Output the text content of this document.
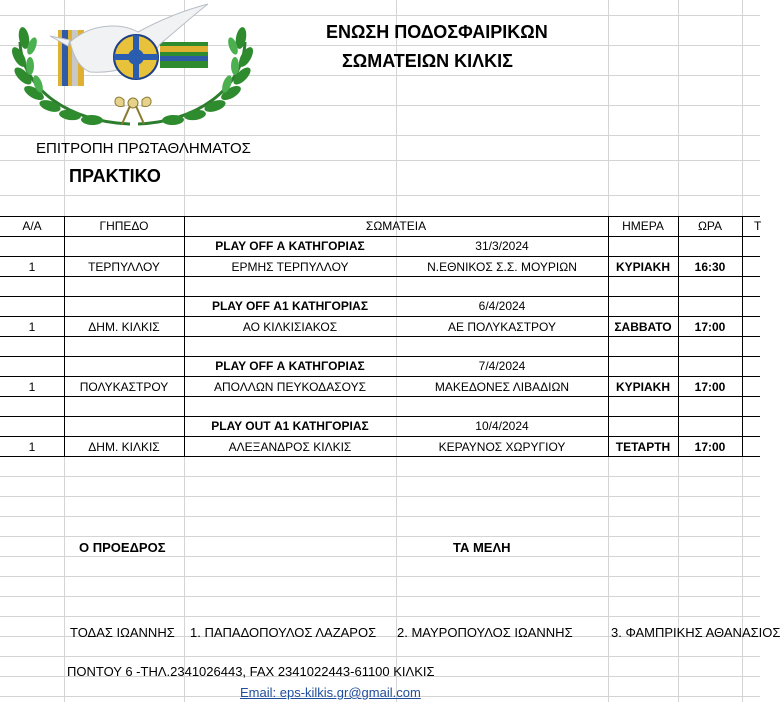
ΕΝΩΣΗ ΠΟΔΟΣΦΑΙΡΙΚΩΝ
ΣΩΜΑΤΕΙΩΝ ΚΙΛΚΙΣ
ΕΠΙΤΡΟΠΗ ΠΡΩΤΑΘΛΗΜΑΤΟΣ
ΠΡΑΚΤΙΚΟ
Α/Α	ΓΗΠΕΔΟ	ΣΩΜΑΤΕΙΑ	ΗΜΕΡΑ	ΩΡΑ	Τ
PLAY OFF Α ΚΑΤΗΓΟΡΙΑΣ	31/3/2024
1	ΤΕΡΠΥΛΛΟΥ	ΕΡΜΗΣ ΤΕΡΠΥΛΛΟΥ	Ν.ΕΘΝΙΚΟΣ Σ.Σ. ΜΟΥΡΙΩΝ	ΚΥΡΙΑΚΗ	16:30
PLAY OFF Α1 ΚΑΤΗΓΟΡΙΑΣ	6/4/2024
1	ΔΗΜ. ΚΙΛΚΙΣ	ΑΟ ΚΙΛΚΙΣΙΑΚΟΣ	ΑΕ ΠΟΛΥΚΑΣΤΡΟΥ	ΣΑΒΒΑΤΟ	17:00
PLAY OFF Α ΚΑΤΗΓΟΡΙΑΣ	7/4/2024
1	ΠΟΛΥΚΑΣΤΡΟΥ	ΑΠΟΛΛΩΝ ΠΕΥΚΟΔΑΣΟΥΣ	ΜΑΚΕΔΟΝΕΣ ΛΙΒΑΔΙΩΝ	ΚΥΡΙΑΚΗ	17:00
PLAY OUT Α1 ΚΑΤΗΓΟΡΙΑΣ	10/4/2024
1	ΔΗΜ. ΚΙΛΚΙΣ	ΑΛΕΞΑΝΔΡΟΣ ΚΙΛΚΙΣ	ΚΕΡΑΥΝΟΣ ΧΩΡΥΓΙΟΥ	ΤΕΤΑΡΤΗ	17:00
Ο ΠΡΟΕΔΡΟΣ	ΤΑ ΜΕΛΗ
ΤΟΔΑΣ ΙΩΑΝΝΗΣ 1. ΠΑΠΑΔΟΠΟΥΛΟΣ ΛΑΖΑΡΟΣ 2. ΜΑΥΡΟΠΟΥΛΟΣ ΙΩΑΝΝΗΣ	3. ΦΑΜΠΡΙΚΗΣ ΑΘΑΝΑΣΙΟΣ
ΠΟΝΤΟΥ 6 -ΤΗΛ.2341026443, FAX 2341022443-61100 ΚΙΛΚΙΣ
Email: eps-kilkis.gr@gmail.com
